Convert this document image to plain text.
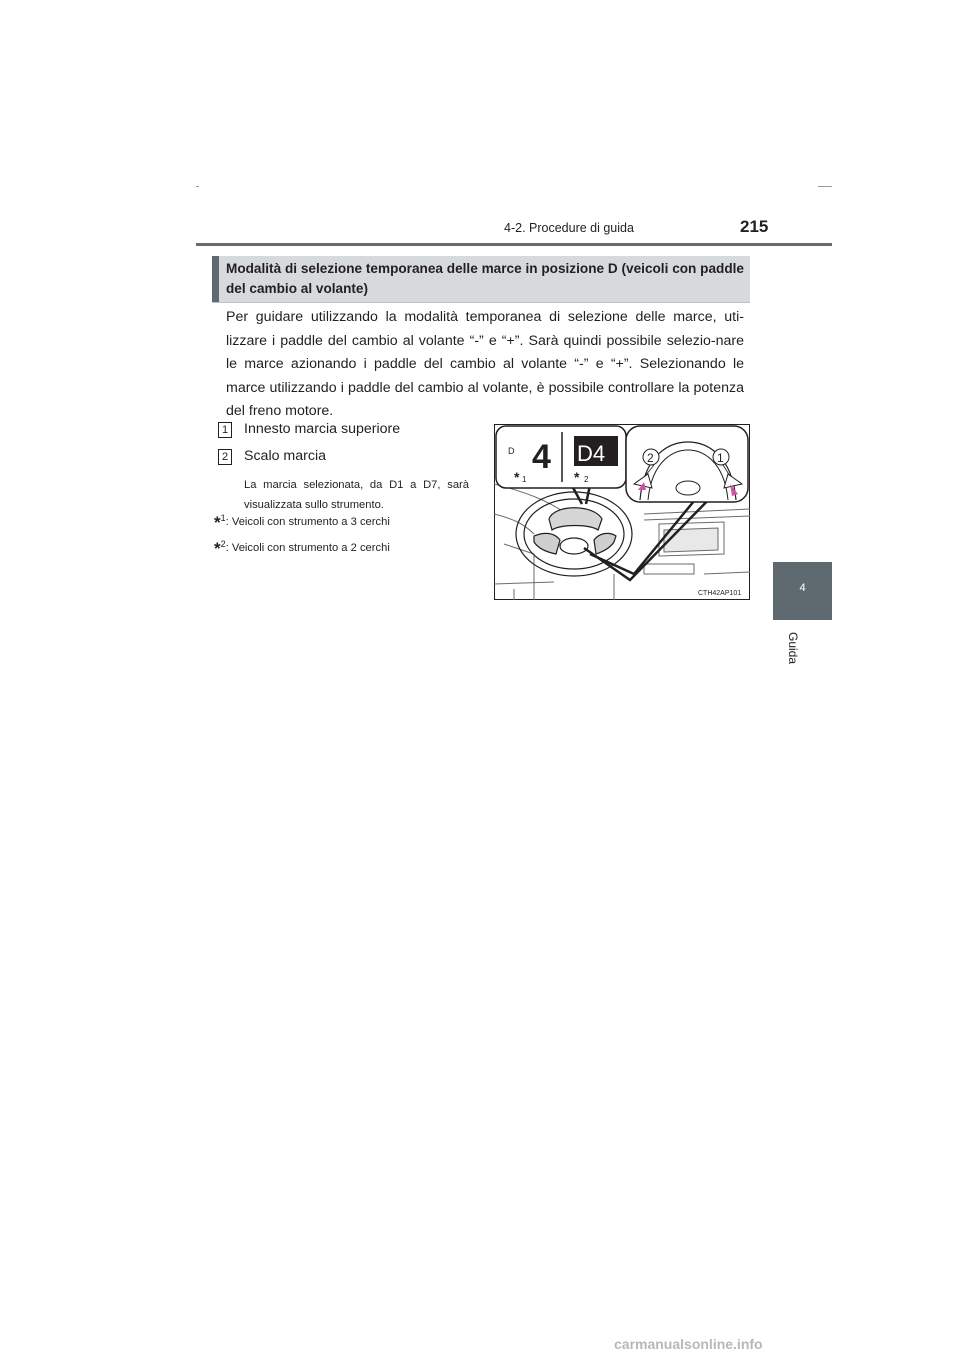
4-2. Procedure di guida	215
4
Guida
Modalità di selezione temporanea delle marce in posizione D (veicoli con paddle del cambio al volante)
Per guidare utilizzando la modalità temporanea di selezione delle marce, uti-lizzare i paddle del cambio al volante “-” e “+”. Sarà quindi possibile selezio-nare le marce azionando i paddle del cambio al volante “-” e “+”. Selezionando le marce utilizzando i paddle del cambio al volante, è possibile controllare la potenza del freno motore.
1 Innesto marcia superiore
2 Scalo marcia
La marcia selezionata, da D1 a D7, sarà visualizzata sullo strumento.
*$^1$: Veicoli con strumento a 3 cerchi
*$^2$: Veicoli con strumento a 2 cerchi
D 4 D4
* 1	* 2
2	1
CTH42AP101
carmanualsonline.info
